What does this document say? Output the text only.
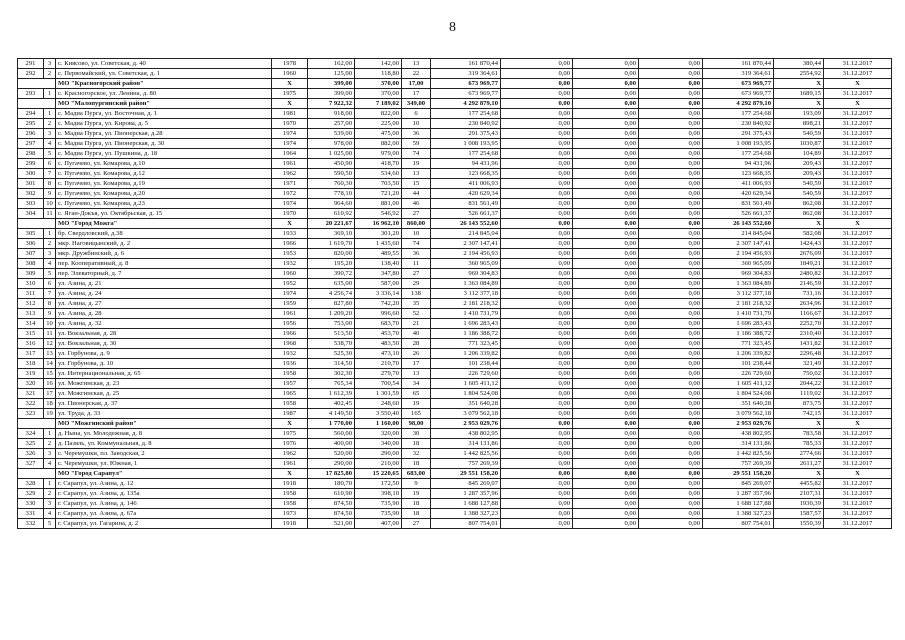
8
291	3	с. Киясово, ул. Советская, д. 40	1978	162,00	142,00	13	161 870,44	0,00	0,00	0,00	161 870,44	380,44	31.12.2017
292	2	с. Первомайский, ул. Советская, д. 1	1960	125,00	118,80	22	319 364,61	0,00	0,00	0,00	319 364,61	2554,92	31.12.2017
		МО "Красногорский район"	X	399,00	370,00	17,00	673 969,77	0,00	0,00	0,00	673 969,77	X	X
293	1	с. Красногорское, ул. Ленина, д. 80	1975	399,00	370,00	17	673 969,77	0,00	0,00	0,00	673 969,77	1689,15	31.12.2017
		МО "Малопургинский район"	X	7 922,32	7 189,02	349,00	4 292 879,10	0,00	0,00	0,00	4 292 879,10	X	X
294	1	с. Мадиа Пурга, ул. Восточная, д. 1	1981	918,00	822,00	6	177 254,68	0,00	0,00	0,00	177 254,68	193,09	31.12.2017
295	2	с. Мадиа Пурга, ул. Кирова, д. 5	1970	257,00	225,00	10	230 840,92	0,00	0,00	0,00	230 840,92	898,21	31.12.2017
296	3	с. Мадиа Пурга, ул. Пионерская, д.28	1974	539,00	475,00	36	291 375,43	0,00	0,00	0,00	291 375,43	540,59	31.12.2017
297	4	с. Мадиа Пурга, ул. Пионерская, д. 30	1974	978,00	882,00	59	1 008 193,95	0,00	0,00	0,00	1 008 193,95	1030,87	31.12.2017
298	5	с. Мадиа Пурга, ул. Пушкина, д. 18	1964	1 025,00	979,00	74	177 254,68	0,00	0,00	0,00	177 254,68	104,89	31.12.2017
299	6	с. Пугачево, ул. Комарова, д.10	1961	450,90	418,70	19	94 431,96	0,00	0,00	0,00	94 431,96	209,43	31.12.2017
300	7	с. Пугачево, ул. Комарова, д.12	1962	590,50	534,60	13	123 668,35	0,00	0,00	0,00	123 668,35	209,43	31.12.2017
301	8	с. Пугачево, ул. Комарова, д.19	1971	760,30	703,50	15	411 006,93	0,00	0,00	0,00	411 006,93	540,59	31.12.2017
302	9	с. Пугачево, ул. Комарова, д.20	1972	778,10	721,20	44	420 629,34	0,00	0,00	0,00	420 629,34	540,59	31.12.2017
303	10	с. Пугачево, ул. Комарова, д.23	1974	964,60	881,00	46	831 561,49	0,00	0,00	0,00	831 561,49	862,08	31.12.2017
304	11	с. Яган-Докъя, ул. Октябрьская, д. 15	1970	610,92	546,92	27	526 661,37	0,00	0,00	0,00	526 661,37	862,08	31.12.2017
		МО "Город Можга"	X	20 221,67	16 962,10	860,00	26 143 552,60	0,00	0,00	0,00	26 143 552,60	X	X
305	1	бр. Свердловский, д.38	1933	369,10	301,20	10	214 845,04	0,00	0,00	0,00	214 845,04	582,08	31.12.2017
306	2	мкр. Наговицынский, д. 2	1966	1 619,70	1 435,60	74	2 307 147,41	0,00	0,00	0,00	2 307 147,41	1424,43	31.12.2017
307	3	мкр. Дружбинский, д. 6	1953	820,00	489,55	36	2 194 456,93	0,00	0,00	0,00	2 194 456,93	2676,09	31.12.2017
308	4	пер. Кооперативный, д. 8	1932	195,20	138,40	11	360 965,09	0,00	0,00	0,00	360 965,09	1849,21	31.12.2017
309	5	пер. Элеваторный, д. 7	1960	390,72	347,80	27	969 304,83	0,00	0,00	0,00	969 304,83	2480,82	31.12.2017
310	6	ул. Азина, д. 21	1952	635,00	587,00	29	1 363 084,89	0,00	0,00	0,00	1 363 084,89	2146,59	31.12.2017
311	7	ул. Азина, д. 24	1974	4 256,74	3 336,14	138	3 112 377,18	0,00	0,00	0,00	3 112 377,18	731,16	31.12.2017
312	8	ул. Азина, д. 27	1959	827,80	742,20	35	2 181 218,32	0,00	0,00	0,00	2 181 218,32	2634,96	31.12.2017
313	9	ул. Азина, д. 28	1961	1 209,20	996,60	52	1 410 731,79	0,00	0,00	0,00	1 410 731,79	1166,67	31.12.2017
314	10	ул. Азина, д. 32	1956	753,00	683,70	21	1 696 283,43	0,00	0,00	0,00	1 696 283,43	2252,70	31.12.2017
315	11	ул. Вокзальная, д. 28	1966	513,50	453,70	40	1 186 388,72	0,00	0,00	0,00	1 186 388,72	2310,40	31.12.2017
316	12	ул. Вокзальная, д. 30	1968	538,70	483,50	28	771 323,45	0,00	0,00	0,00	771 323,45	1431,82	31.12.2017
317	13	ул. Горбунова, д. 9	1932	525,30	473,10	26	1 206 339,82	0,00	0,00	0,00	1 206 339,82	2296,48	31.12.2017
318	14	ул. Горбунова, д. 10	1936	314,50	210,70	17	101 238,44	0,00	0,00	0,00	101 238,44	321,49	31.12.2017
319	15	ул. Интернациональная, д. 65	1958	302,30	279,70	13	226 729,60	0,00	0,00	0,00	226 729,60	750,02	31.12.2017
320	16	ул. Можгинская, д. 23	1957	765,34	700,54	34	1 605 411,12	0,00	0,00	0,00	1 605 411,12	2044,22	31.12.2017
321	17	ул. Можгинская, д. 25	1965	1 612,39	1 301,59	65	1 804 524,08	0,00	0,00	0,00	1 804 524,08	1119,02	31.12.2017
322	18	ул. Пионерская, д. 37	1958	402,45	248,60	19	351 640,28	0,00	0,00	0,00	351 640,28	873,75	31.12.2017
323	19	ул. Труда, д. 33	1987	4 149,50	3 550,40	165	3 079 562,18	0,00	0,00	0,00	3 079 562,18	742,15	31.12.2017
		МО "Можгинский район"	X	1 770,00	1 160,00	98,00	2 953 029,76	0,00	0,00	0,00	2 953 029,76	X	X
324	1	д. Нына, ул. Молодежная, д. 8	1975	560,00	320,00	30	438 802,95	0,00	0,00	0,00	438 802,95	783,58	31.12.2017
325	2	д. Пазяль, ул. Коммунальная, д. 8	1976	400,00	340,00	18	314 131,86	0,00	0,00	0,00	314 131,86	785,33	31.12.2017
326	3	с. Черемушки, пл. Заводская, 2	1962	520,00	290,00	32	1 442 825,56	0,00	0,00	0,00	1 442 825,56	2774,66	31.12.2017
327	4	с. Черемушки, ул. Южная, 1	1961	290,00	210,00	18	757 269,39	0,00	0,00	0,00	757 269,39	2611,27	31.12.2017
		МО "Город Сарапул"	X	17 825,80	15 220,65	683,00	29 551 158,20	0,00	0,00	0,00	29 551 158,20	X	X
328	1	г. Сарапул, ул. Азина, д. 12	1918	180,70	172,50	9	845 269,07	0,00	0,00	0,00	845 269,07	4455,82	31.12.2017
329	2	г. Сарапул, ул. Азина, д. 135а	1958	610,90	398,10	19	1 287 357,96	0,00	0,00	0,00	1 287 357,96	2107,31	31.12.2017
330	3	г. Сарапул, ул. Азина, д. 146	1958	874,50	735,90	18	1 688 127,88	0,00	0,00	0,00	1 688 127,88	1930,39	31.12.2017
331	4	г. Сарапул, ул. Азина, д. 67а	1973	874,50	735,90	18	1 388 327,23	0,00	0,00	0,00	1 388 327,23	1587,57	31.12.2017
332	5	г. Сарапул, ул. Гагарина, д. 2	1918	521,00	407,00	27	807 754,01	0,00	0,00	0,00	807 754,01	1550,39	31.12.2017
